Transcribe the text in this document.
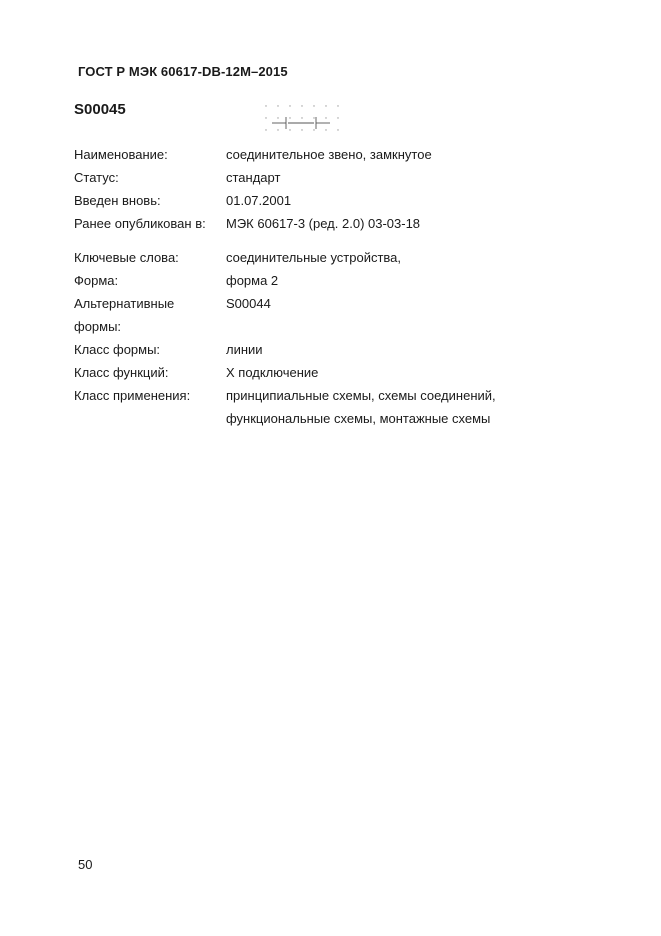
ГОСТ Р МЭК 60617-DB-12M–2015
S00045
Наименование:	соединительное звено, замкнутое
Статус:	стандарт
Введен вновь:	01.07.2001
Ранее опубликован в:	МЭК 60617-3 (ред. 2.0) 03-03-18
Ключевые слова:	соединительные устройства,
Форма:	форма 2
Альтернативные	S00044
формы:
Класс формы:	линии
Класс функций:	X подключение
Класс применения:	принципиальные схемы, схемы соединений,
функциональные схемы, монтажные схемы
50
